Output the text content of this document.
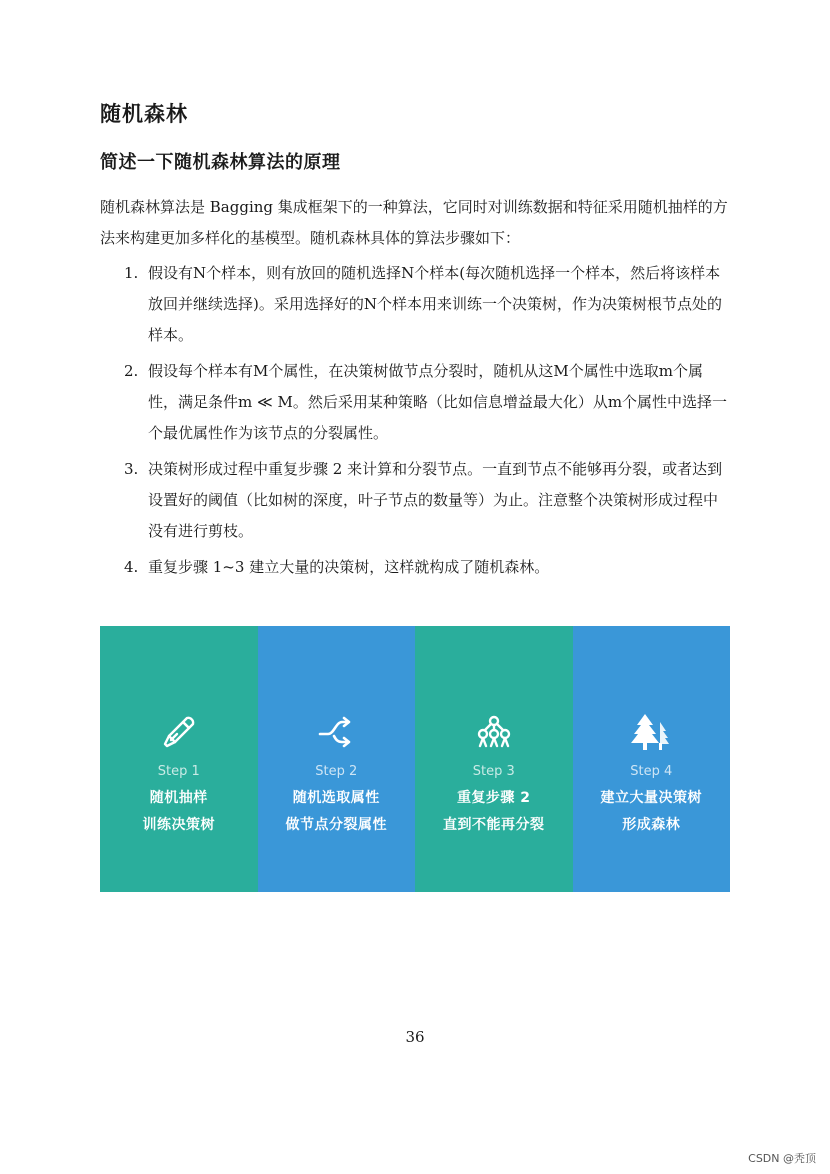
随机森林
简述一下随机森林算法的原理

随机森林算法是 Bagging 集成框架下的一种算法，它同时对训练数据和特征采用随机抽样的方法来构建更加多样化的基模型。随机森林具体的算法步骤如下：

1. 假设有N个样本，则有放回的随机选择N个样本(每次随机选择一个样本，然后将该样本放回并继续选择)。采用选择好的N个样本用来训练一个决策树，作为决策树根节点处的样本。
2. 假设每个样本有M个属性，在决策树做节点分裂时，随机从这M个属性中选取m个属性，满足条件m ≪ M。然后采用某种策略（比如信息增益最大化）从m个属性中选择一个最优属性作为该节点的分裂属性。
3. 决策树形成过程中重复步骤 2 来计算和分裂节点。一直到节点不能够再分裂，或者达到设置好的阈值（比如树的深度，叶子节点的数量等）为止。注意整个决策树形成过程中没有进行剪枝。
4. 重复步骤 1~3 建立大量的决策树，这样就构成了随机森林。
Step 1
随机抽样
训练决策树
Step 2
随机选取属性
做节点分裂属性
Step 3
重复步骤 2
直到不能再分裂
Step 4
建立大量决策树
形成森林
36
CSDN @秃顶
